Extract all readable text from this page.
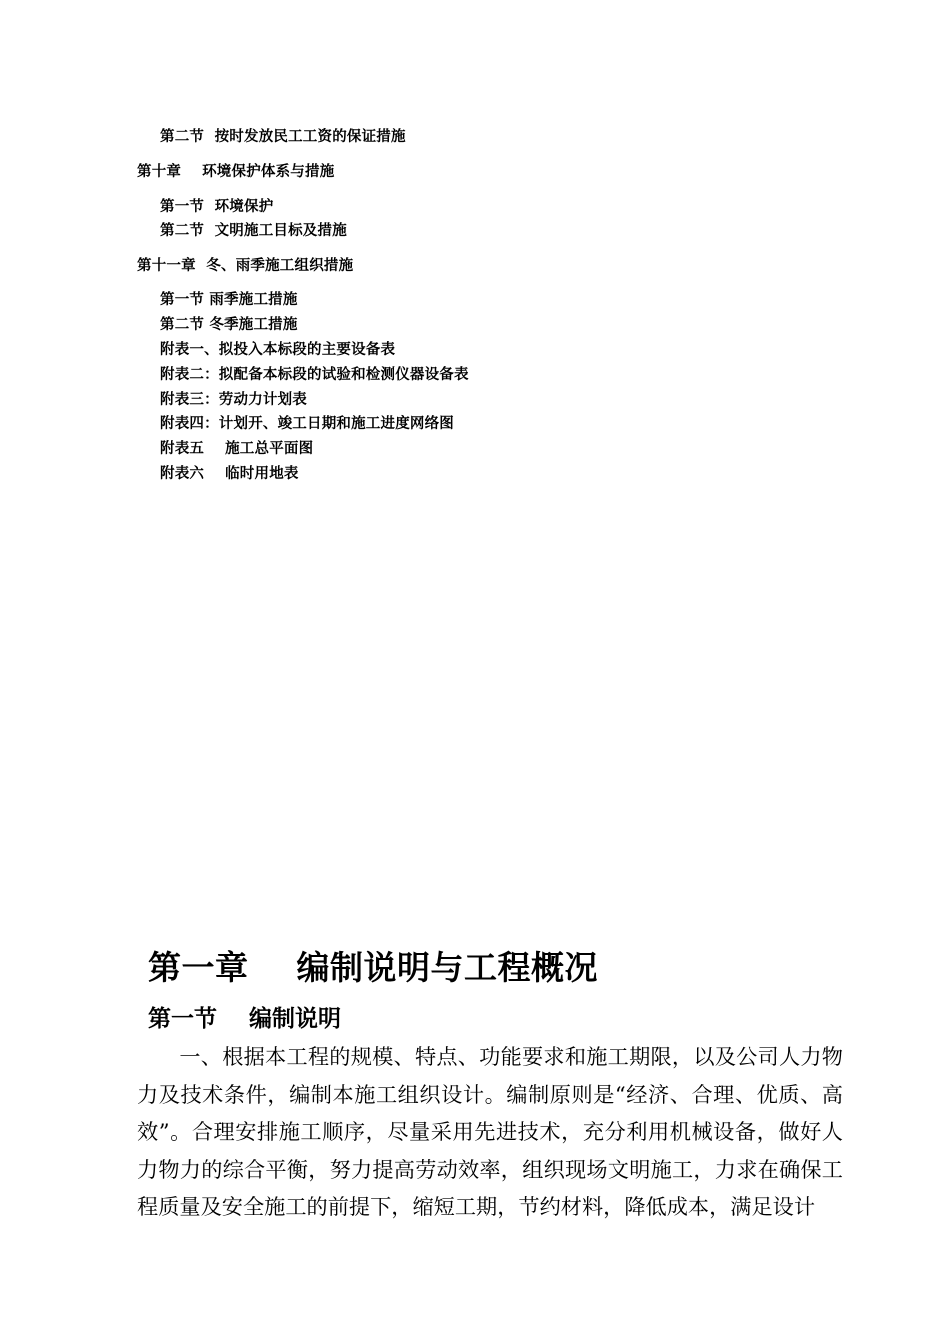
第二节  按时发放民工工资的保证措施
第十章    环境保护体系与措施
第一节  环境保护
第二节  文明施工目标及措施
第十一章  冬、雨季施工组织措施
第一节 雨季施工措施
第二节 冬季施工措施
附表一、拟投入本标段的主要设备表
附表二：拟配备本标段的试验和检测仪器设备表
附表三：劳动力计划表
附表四：计划开、竣工日期和施工进度网络图
附表五    施工总平面图
附表六    临时用地表
第一章    编制说明与工程概况
第一节    编制说明

一、根据本工程的规模、特点、功能要求和施工期限，以及公司人力物力及技术条件，编制本施工组织设计。编制原则是“经济、合理、优质、高效”。合理安排施工顺序，尽量采用先进技术，充分利用机械设备，做好人力物力的综合平衡，努力提高劳动效率，组织现场文明施工，力求在确保工程质量及安全施工的前提下，缩短工期，节约材料，降低成本，满足设计
